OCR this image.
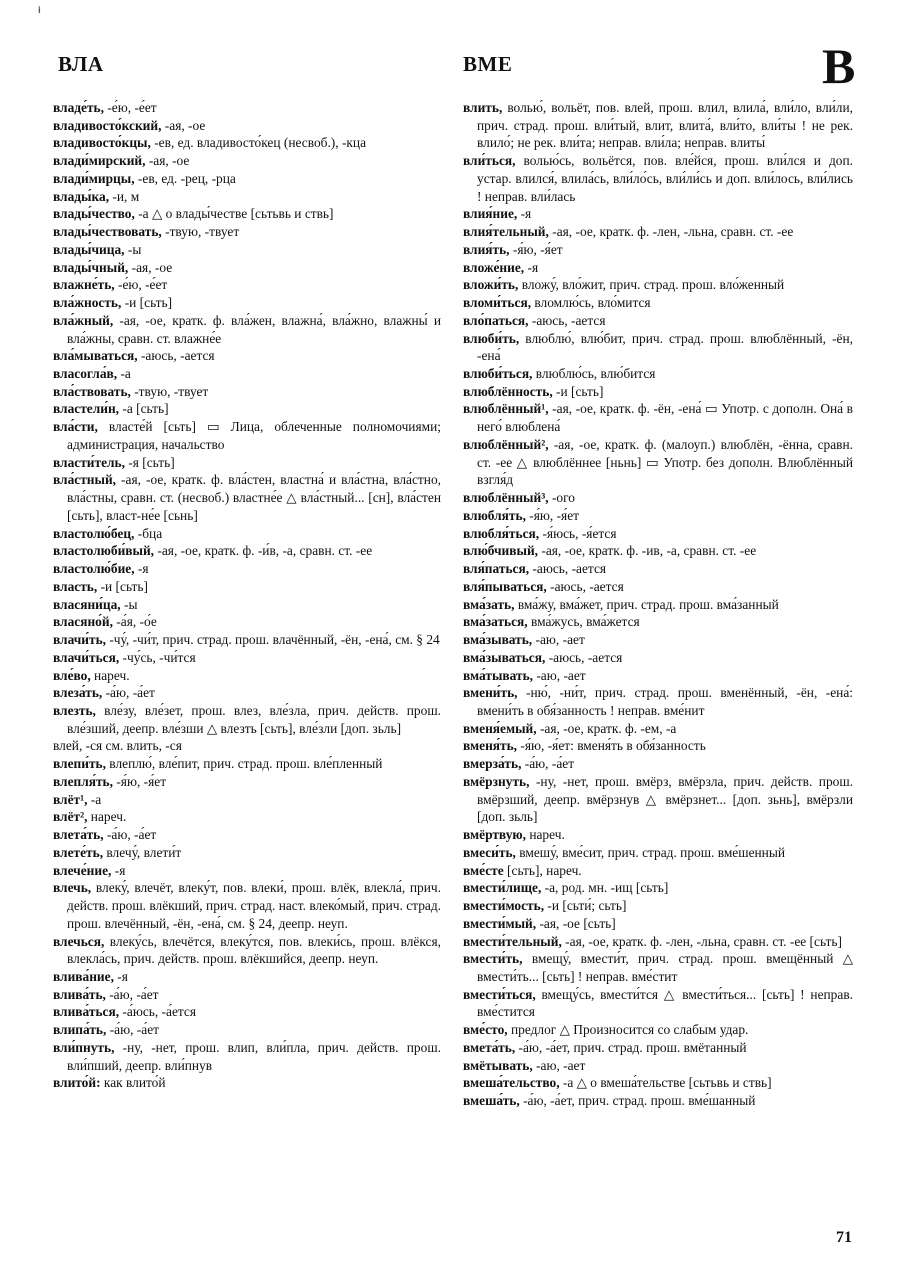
ⱡ
ВЛА	ВМЕ	В
владе́ть, -е́ю, -е́ет
владивосто́кский, -ая, -ое
владивосто́кцы, -ев, ед. владивосто́кец (несвоб.), -кца
влади́мирский, -ая, -ое
влади́мирцы, -ев, ед. -рец, -рца
влады́ка, -и, м
влады́чество, -а △ о влады́честве [сьтьвь и ствь]
влады́чествовать, -твую, -твует
влады́чица, -ы
влады́чный, -ая, -ое
влажне́ть, -е́ю, -е́ет
вла́жность, -и [сьть]
вла́жный, -ая, -ое, кратк. ф. вла́жен, влажна́, вла́жно, влажны́ и вла́жны, сравн. ст. влажне́е
вла́мываться, -аюсь, -ается
власогла́в, -а
вла́ствовать, -твую, -твует
властели́н, -а [сьть]
вла́сти, власте́й [сьть] ▭ Лица, облеченные полномочиями; администрация, начальство
власти́тель, -я [сьть]
вла́стный, -ая, -ое, кратк. ф. вла́стен, властна́ и вла́стна, вла́стно, вла́стны, сравн. ст. (несвоб.) властне́е △ вла́стный... [сн], вла́стен [сьть], власт-не́е [сьнь]
властолю́бец, -бца
властолюби́вый, -ая, -ое, кратк. ф. -и́в, -а, сравн. ст. -ее
властолю́бие, -я
власть, -и [сьть]
власяни́ца, -ы
власяно́й, -а́я, -о́е
влачи́ть, -чу́, -чи́т, прич. страд. прош. влачённый, -ён, -ена́, см. § 24
влачи́ться, -чу́сь, -чи́тся
вле́во, нареч.
влеза́ть, -а́ю, -а́ет
влезть, вле́зу, вле́зет, прош. влез, вле́зла, прич. действ. прош. вле́зший, деепр. вле́зши △ влезть [сьть], вле́зли [доп. зьль]
влей, -ся см. влить, -ся
влепи́ть, влеплю́, вле́пит, прич. страд. прош. вле́пленный
влепля́ть, -я́ю, -я́ет
влёт¹, -а
влёт², нареч.
влета́ть, -а́ю, -а́ет
влете́ть, влечу́, влети́т
влече́ние, -я
влечь, влеку́, влечёт, влеку́т, пов. влеки́, прош. влёк, влекла́, прич. действ. прош. влёкший, прич. страд. наст. влеко́мый, прич. страд. прош. влечённый, -ён, -ена́, см. § 24, деепр. неуп.
влечься, влеку́сь, влечётся, влеку́тся, пов. влеки́сь, прош. влёкся, влекла́сь, прич. действ. прош. влёкшийся, деепр. неуп.
влива́ние, -я
влива́ть, -а́ю, -а́ет
влива́ться, -а́юсь, -а́ется
влипа́ть, -а́ю, -а́ет
вли́пнуть, -ну, -нет, прош. влип, вли́пла, прич. действ. прош. вли́пший, деепр. вли́пнув
влито́й: как влито́й
влить, волью́, вольёт, пов. влей, прош. влил, влила́, вли́ло, вли́ли, прич. страд. прош. вли́тый, влит, влита́, вли́то, вли́ты ! не рек. влило́; не рек. вли́та; неправ. вли́ла; неправ. влиты́
вли́ться, волью́сь, вольётся, пов. вле́йся, прош. вли́лся и доп. устар. влился́, влила́сь, вли́ло́сь, вли́ли́сь и доп. вли́лось, вли́лись ! неправ. вли́лась
влия́ние, -я
влия́тельный, -ая, -ое, кратк. ф. -лен, -льна, сравн. ст. -ее
влия́ть, -я́ю, -я́ет
вложе́ние, -я
вложи́ть, вложу́, вло́жит, прич. страд. прош. вло́женный
вломи́ться, вломлю́сь, вло́мится
вло́паться, -аюсь, -ается
влюби́ть, влюблю́, влю́бит, прич. страд. прош. влюблённый, -ён, -ена́
влюби́ться, влюблю́сь, влю́бится
влюблённость, -и [сьть]
влюблённый¹, -ая, -ое, кратк. ф. -ён, -ена́ ▭ Употр. с дополн. Она́ в него́ влюблена́
влюблённый², -ая, -ое, кратк. ф. (малоуп.) влюблён, -ённа, сравн. ст. -ее △ влюблённее [ньнь] ▭ Употр. без дополн. Влюблённый взгля́д
влюблённый³, -ого
влюбля́ть, -я́ю, -я́ет
влюбля́ться, -я́юсь, -я́ется
влю́бчивый, -ая, -ое, кратк. ф. -ив, -а, сравн. ст. -ее
вля́паться, -аюсь, -ается
вля́пываться, -аюсь, -ается
вма́зать, вма́жу, вма́жет, прич. страд. прош. вма́занный
вма́заться, вма́жусь, вма́жется
вма́зывать, -аю, -ает
вма́зываться, -аюсь, -ается
вма́тывать, -аю, -ает
вмени́ть, -ню́, -ни́т, прич. страд. прош. вменённый, -ён, -ена́: вмени́ть в обя́занность ! неправ. вме́нит
вменя́емый, -ая, -ое, кратк. ф. -ем, -а
вменя́ть, -я́ю, -я́ет: вменя́ть в обя́занность
вмерза́ть, -а́ю, -а́ет
вмёрзнуть, -ну, -нет, прош. вмёрз, вмёрзла, прич. действ. прош. вмёрзший, деепр. вмёрзнув △ вмёрзнет... [доп. зьнь], вмёрзли [доп. зьль]
вмёртвую, нареч.
вмеси́ть, вмешу́, вме́сит, прич. страд. прош. вме́шенный
вме́сте [сьть], нареч.
вмести́лище, -а, род. мн. -ищ [сьть]
вмести́мость, -и [сьти́; сьть]
вмести́мый, -ая, -ое [сьть]
вмести́тельный, -ая, -ое, кратк. ф. -лен, -льна, сравн. ст. -ее [сьть]
вмести́ть, вмещу́, вмести́т, прич. страд. прош. вмещённый △ вмести́ть... [сьть] ! неправ. вме́стит
вмести́ться, вмещу́сь, вмести́тся △ вмести́ться... [сьть] ! неправ. вме́стится
вме́сто, предлог △ Произносится со слабым удар.
вмета́ть, -а́ю, -а́ет, прич. страд. прош. вмётанный
вмётывать, -аю, -ает
вмеша́тельство, -а △ о вмеша́тельстве [сьтьвь и ствь]
вмеша́ть, -а́ю, -а́ет, прич. страд. прош. вме́шанный
71
